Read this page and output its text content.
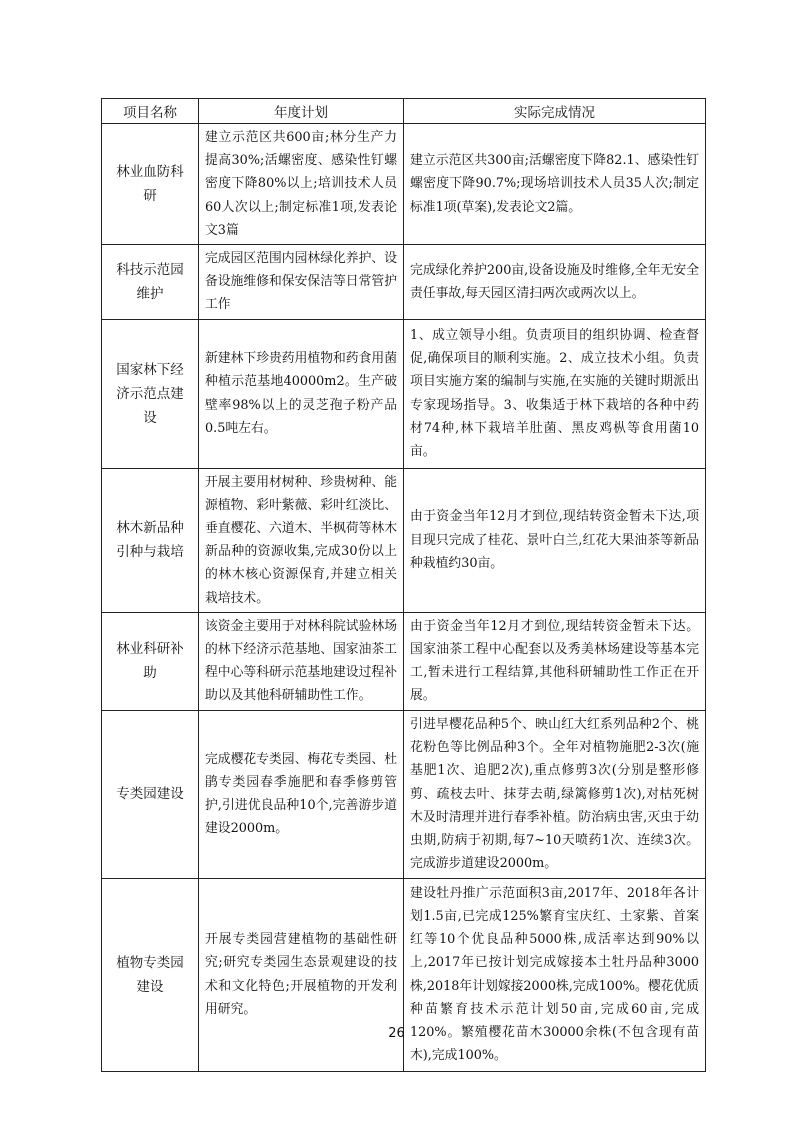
项目名称	年度计划	实际完成情况
林业血防科研	建立示范区共600亩;林分生产力提高30%;活螺密度、感染性钉螺密度下降80%以上;培训技术人员60人次以上;制定标准1项,发表论文3篇	建立示范区共300亩;活螺密度下降82.1、感染性钉螺密度下降90.7%;现场培训技术人员35人次;制定标准1项(草案),发表论文2篇。
科技示范园维护	完成园区范围内园林绿化养护、设备设施维修和保安保洁等日常管护工作	完成绿化养护200亩,设备设施及时维修,全年无安全责任事故,每天园区清扫两次或两次以上。
国家林下经济示范点建设	新建林下珍贵药用植物和药食用菌种植示范基地40000m2。生产破壁率98%以上的灵芝孢子粉产品0.5吨左右。	1、成立领导小组。负责项目的组织协调、检查督促,确保项目的顺利实施。2、成立技术小组。负责项目实施方案的编制与实施,在实施的关键时期派出专家现场指导。3、收集适于林下栽培的各种中药材74种,林下栽培羊肚菌、黑皮鸡枞等食用菌10亩。
林木新品种引种与栽培	开展主要用材树种、珍贵树种、能源植物、彩叶紫薇、彩叶红淡比、垂直樱花、六道木、半枫荷等林木新品种的资源收集,完成30份以上的林木核心资源保育,并建立相关栽培技术。	由于资金当年12月才到位,现结转资金暂未下达,项目现只完成了桂花、景叶白兰,红花大果油茶等新品种栽植约30亩。
林业科研补助	该资金主要用于对林科院试验林场的林下经济示范基地、国家油茶工程中心等科研示范基地建设过程补助以及其他科研辅助性工作。	由于资金当年12月才到位,现结转资金暂未下达。国家油茶工程中心配套以及秀美林场建设等基本完工,暂未进行工程结算,其他科研辅助性工作正在开展。
专类园建设	完成樱花专类园、梅花专类园、杜鹃专类园春季施肥和春季修剪管护,引进优良品种10个,完善游步道建设2000m。	引进早樱花品种5个、映山红大红系列品种2个、桃花粉色等比例品种3个。全年对植物施肥2-3次(施基肥1次、追肥2次),重点修剪3次(分别是整形修剪、疏枝去叶、抹芽去萌,绿篱修剪1次),对枯死树木及时清理并进行春季补植。防治病虫害,灭虫于幼虫期,防病于初期,每7~10天喷药1次、连续3次。完成游步道建设2000m。
植物专类园建设	开展专类园营建植物的基础性研究;研究专类园生态景观建设的技术和文化特色;开展植物的开发利用研究。	建设牡丹推广示范面积3亩,2017年、2018年各计划1.5亩,已完成125%繁育宝庆红、土家紫、首案红等10个优良品种5000株,成活率达到90%以上,2017年已按计划完成嫁接本土牡丹品种3000株,2018年计划嫁接2000株,完成100%。樱花优质种苗繁育技术示范计划50亩,完成60亩,完成120%。繁殖樱花苗木30000余株(不包含现有苗木),完成100%。
26
